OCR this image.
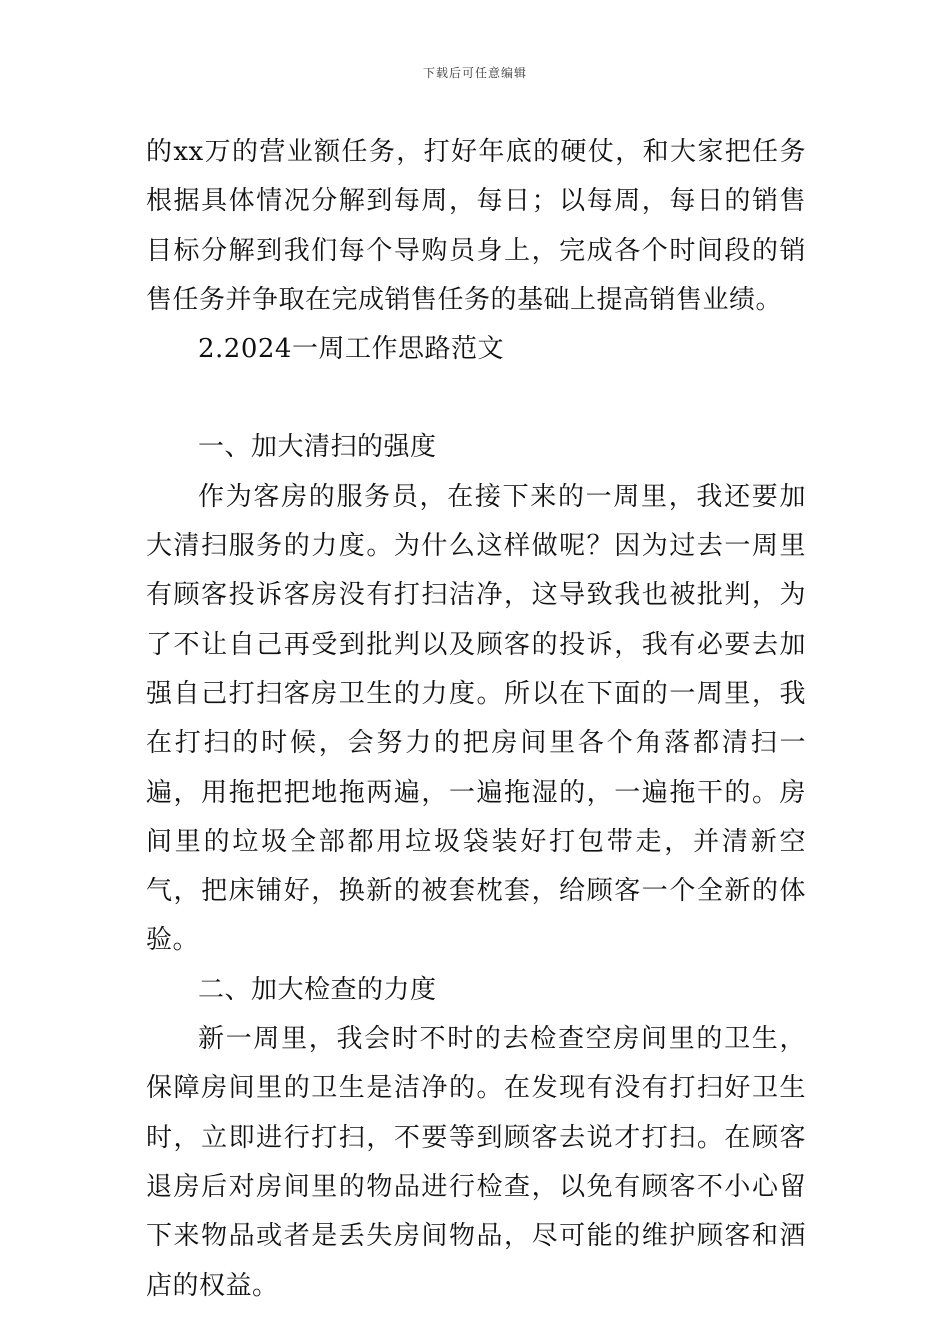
下载后可任意编辑

的xx万的营业额任务，打好年底的硬仗，和大家把任务根据具体情况分解到每周，每日；以每周，每日的销售目标分解到我们每个导购员身上，完成各个时间段的销售任务并争取在完成销售任务的基础上提高销售业绩。

2.2024一周工作思路范文

一、加大清扫的强度

作为客房的服务员，在接下来的一周里，我还要加大清扫服务的力度。为什么这样做呢？因为过去一周里有顾客投诉客房没有打扫洁净，这导致我也被批判，为了不让自己再受到批判以及顾客的投诉，我有必要去加强自己打扫客房卫生的力度。所以在下面的一周里，我在打扫的时候，会努力的把房间里各个角落都清扫一遍，用拖把把地拖两遍，一遍拖湿的，一遍拖干的。房间里的垃圾全部都用垃圾袋装好打包带走，并清新空气，把床铺好，换新的被套枕套，给顾客一个全新的体验。

二、加大检查的力度

新一周里，我会时不时的去检查空房间里的卫生，保障房间里的卫生是洁净的。在发现有没有打扫好卫生时，立即进行打扫，不要等到顾客去说才打扫。在顾客退房后对房间里的物品进行检查，以免有顾客不小心留下来物品或者是丢失房间物品，尽可能的维护顾客和酒店的权益。
